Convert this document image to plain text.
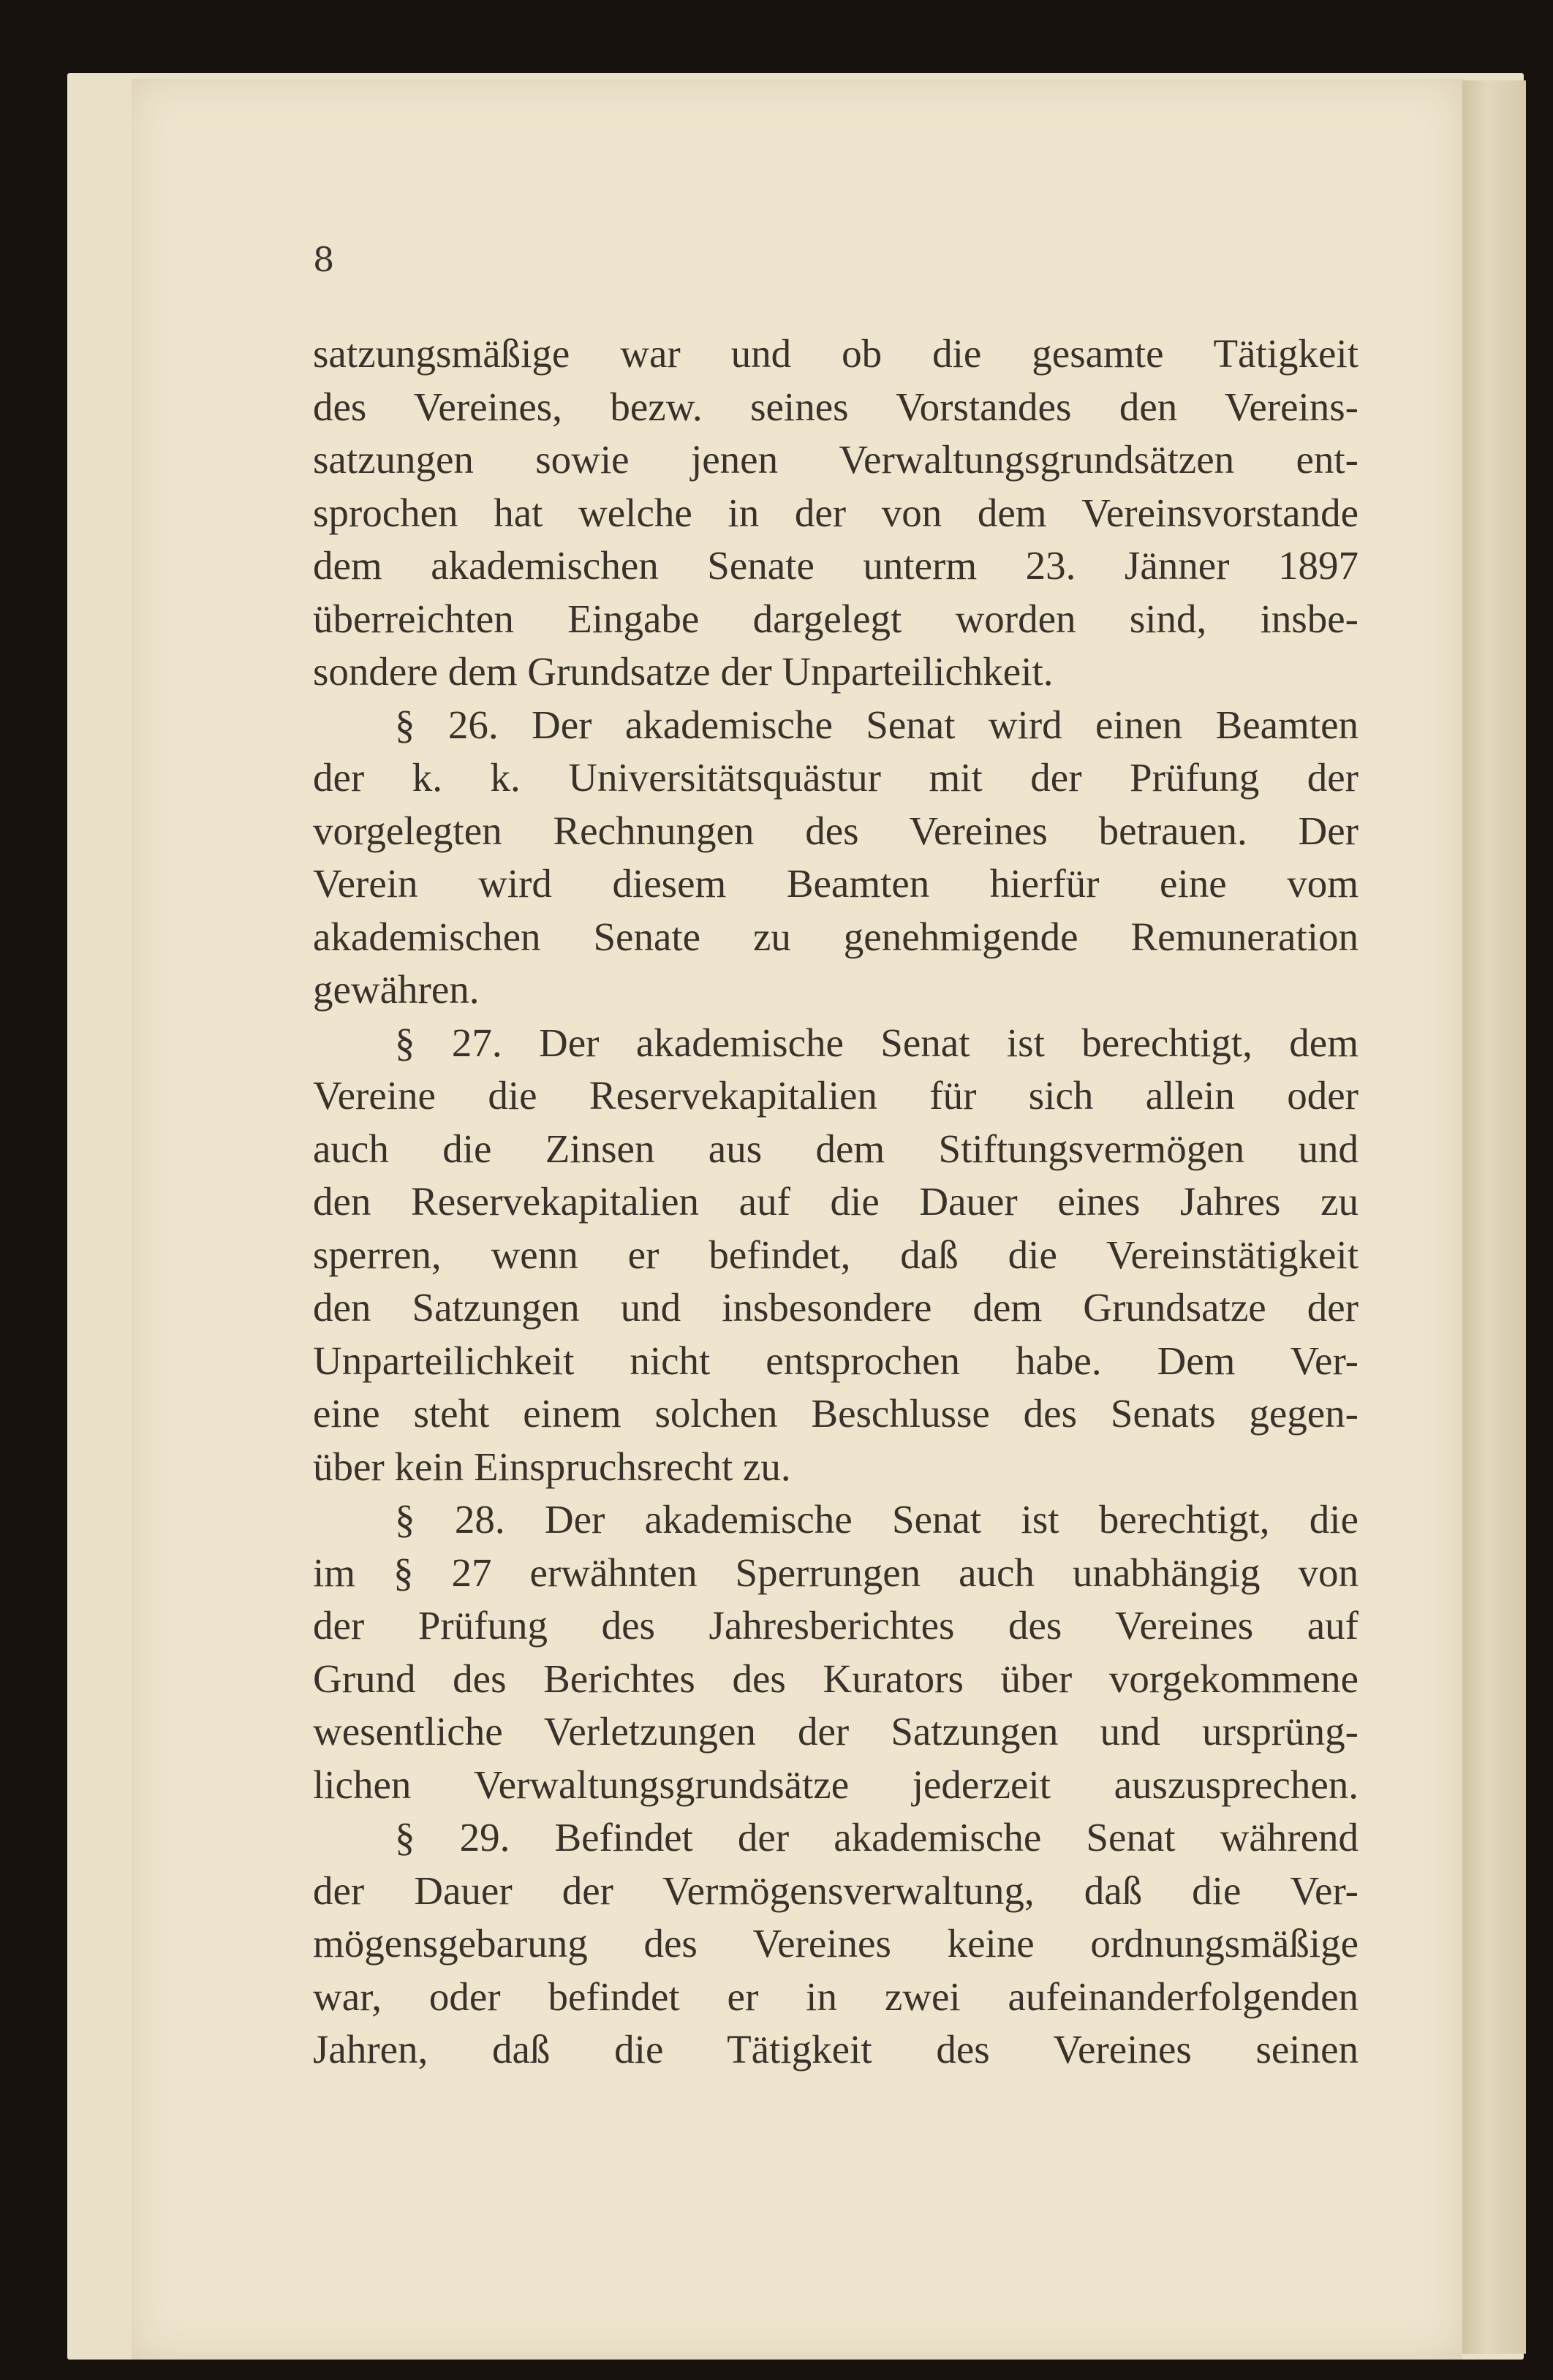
8
satzungsmäßige war und ob die gesamte Tätigkeit
des Vereines, bezw. seines Vorstandes den Vereins-
satzungen sowie jenen Verwaltungsgrundsätzen ent-
sprochen hat welche in der von dem Vereinsvorstande
dem akademischen Senate unterm 23. Jänner 1897
überreichten Eingabe dargelegt worden sind, insbe-
sondere dem Grundsatze der Unparteilichkeit.
§ 26. Der akademische Senat wird einen Beamten
der k. k. Universitätsquästur mit der Prüfung der
vorgelegten Rechnungen des Vereines betrauen. Der
Verein wird diesem Beamten hierfür eine vom
akademischen Senate zu genehmigende Remuneration
gewähren.
§ 27. Der akademische Senat ist berechtigt, dem
Vereine die Reservekapitalien für sich allein oder
auch die Zinsen aus dem Stiftungsvermögen und
den Reservekapitalien auf die Dauer eines Jahres zu
sperren, wenn er befindet, daß die Vereinstätigkeit
den Satzungen und insbesondere dem Grundsatze der
Unparteilichkeit nicht entsprochen habe. Dem Ver-
eine steht einem solchen Beschlusse des Senats gegen-
über kein Einspruchsrecht zu.
§ 28. Der akademische Senat ist berechtigt, die
im § 27 erwähnten Sperrungen auch unabhängig von
der Prüfung des Jahresberichtes des Vereines auf
Grund des Berichtes des Kurators über vorgekommene
wesentliche Verletzungen der Satzungen und ursprüng-
lichen Verwaltungsgrundsätze jederzeit auszusprechen.
§ 29. Befindet der akademische Senat während
der Dauer der Vermögensverwaltung, daß die Ver-
mögensgebarung des Vereines keine ordnungsmäßige
war, oder befindet er in zwei aufeinanderfolgenden
Jahren, daß die Tätigkeit des Vereines seinen
